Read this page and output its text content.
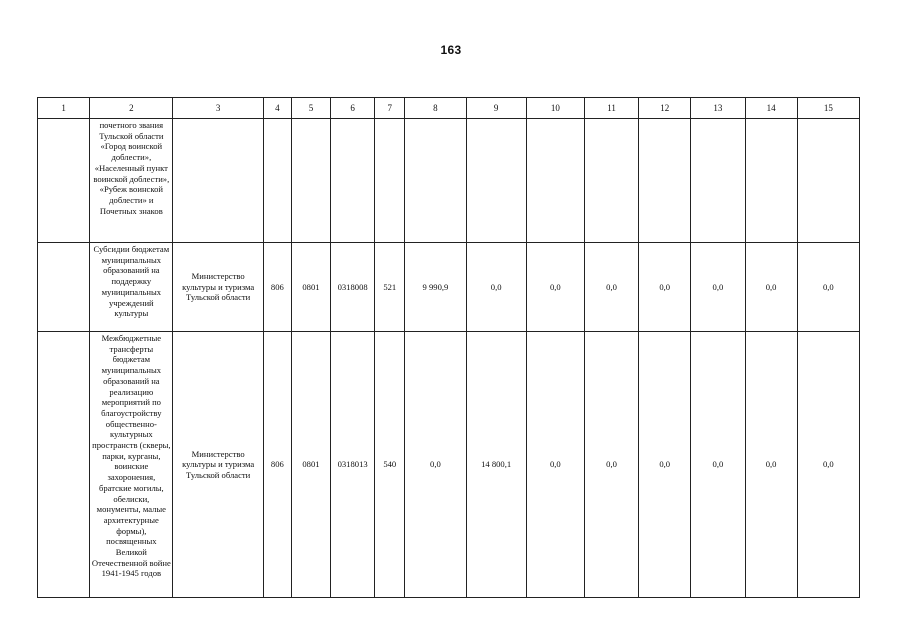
163
1	2	3	4	5	6	7	8	9	10	11	12	13	14	15
	почетного звания Тульской области «Город воинской доблести», «Населенный пункт воинской доблести», «Рубеж воинской доблести» и Почетных знаков													
	Субсидии бюджетам муниципальных образований на поддержку муниципальных учреждений культуры	Министерство культуры и туризма Тульской области	806	0801	0318008	521	9 990,9	0,0	0,0	0,0	0,0	0,0	0,0	0,0
	Межбюджетные трансферты бюджетам муниципальных образований на реализацию мероприятий по благоустройству общественно-культурных пространств (скверы, парки, курганы, воинские захоронения, братские могилы, обелиски, монументы, малые архитектурные формы), посвященных Великой Отечественной войне 1941-1945 годов	Министерство культуры и туризма Тульской области	806	0801	0318013	540	0,0	14 800,1	0,0	0,0	0,0	0,0	0,0	0,0
